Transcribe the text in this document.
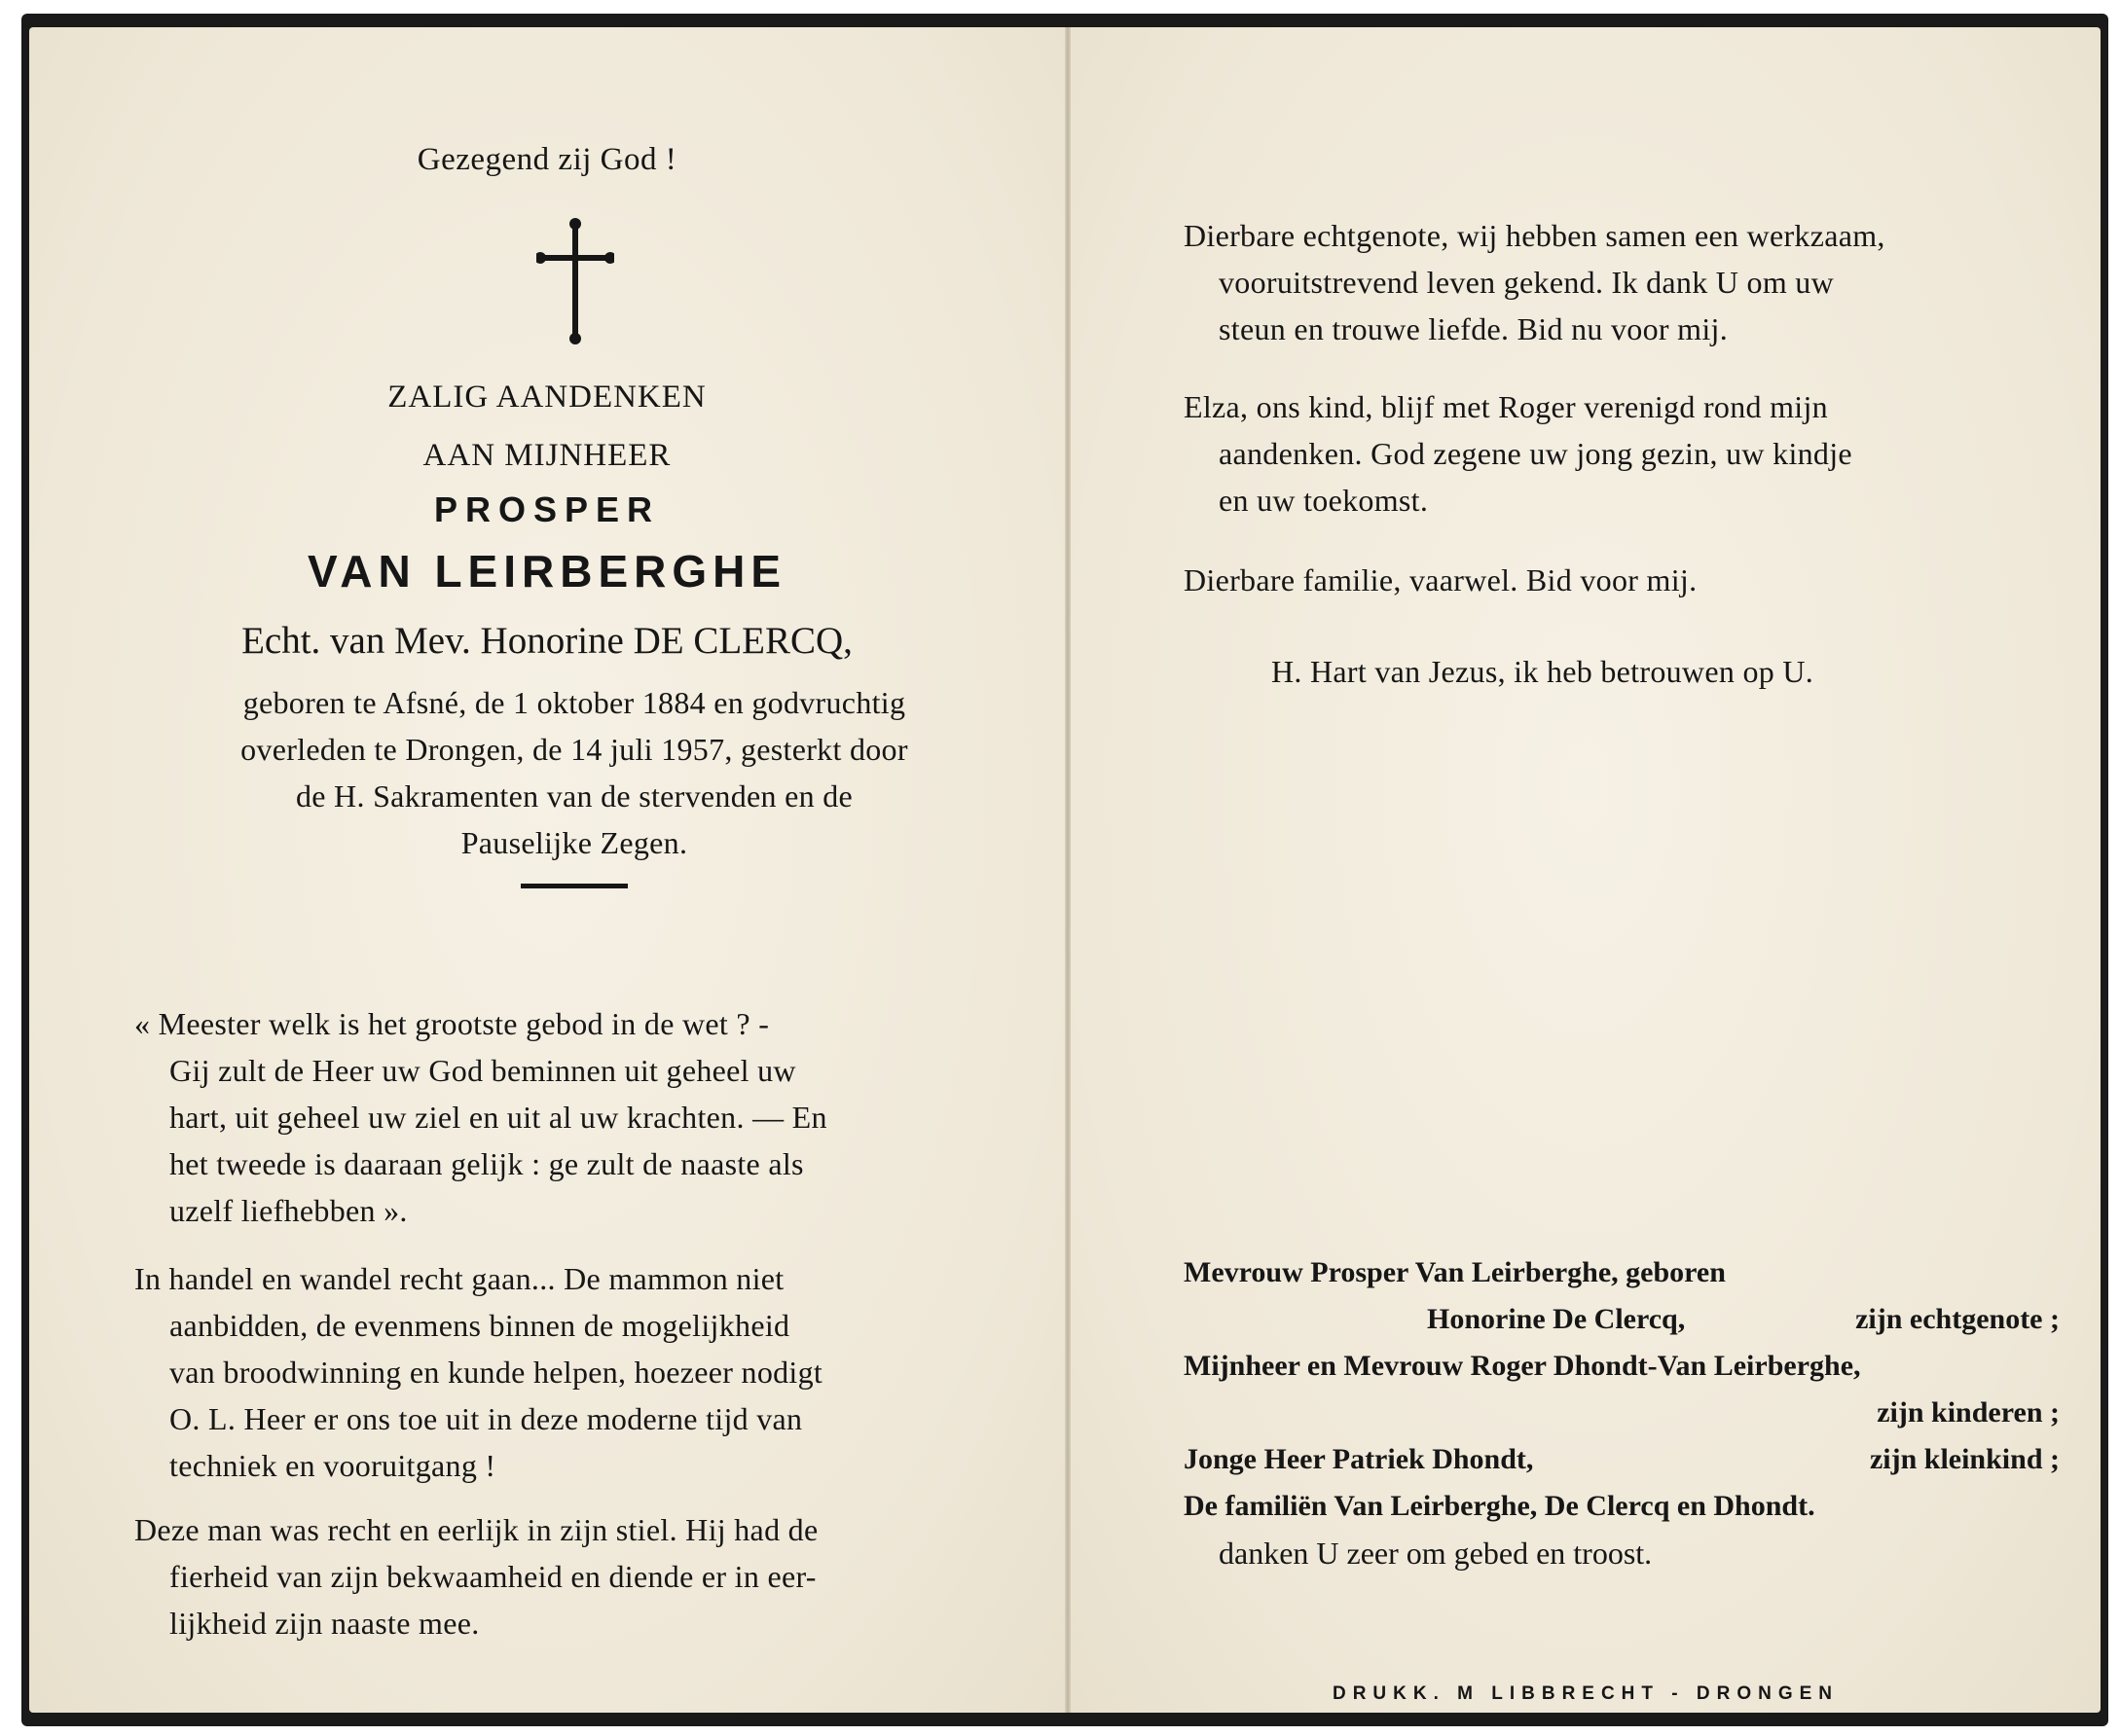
Gezegend zij God !
ZALIG AANDENKEN
AAN MIJNHEER
PROSPER
VAN LEIRBERGHE
Echt. van Mev. Honorine DE CLERCQ,
geboren te Afsné, de 1 oktober 1884 en godvruchtig
overleden te Drongen, de 14 juli 1957, gesterkt door
de H. Sakramenten van de stervenden en de
Pauselijke Zegen.
« Meester welk is het grootste gebod in de wet ? -
Gij zult de Heer uw God beminnen uit geheel uw
hart, uit geheel uw ziel en uit al uw krachten. — En
het tweede is daaraan gelijk : ge zult de naaste als
uzelf liefhebben ».
In handel en wandel recht gaan... De mammon niet
aanbidden, de evenmens binnen de mogelijkheid
van broodwinning en kunde helpen, hoezeer nodigt
O. L. Heer er ons toe uit in deze moderne tijd van
techniek en vooruitgang !
Deze man was recht en eerlijk in zijn stiel. Hij had de
fierheid van zijn bekwaamheid en diende er in eer-
lijkheid zijn naaste mee.
Dierbare echtgenote, wij hebben samen een werkzaam,
vooruitstrevend leven gekend. Ik dank U om uw
steun en trouwe liefde. Bid nu voor mij.
Elza, ons kind, blijf met Roger verenigd rond mijn
aandenken. God zegene uw jong gezin, uw kindje
en uw toekomst.
Dierbare familie, vaarwel. Bid voor mij.
H. Hart van Jezus, ik heb betrouwen op U.
Mevrouw Prosper Van Leirberghe, geboren
Honorine De Clercq,	zijn echtgenote ;
Mijnheer en Mevrouw Roger Dhondt-Van Leirberghe,
zijn kinderen ;
Jonge Heer Patriek Dhondt,	zijn kleinkind ;
De familiën Van Leirberghe, De Clercq en Dhondt.
danken U zeer om gebed en troost.
DRUKK. M LIBBRECHT - DRONGEN
